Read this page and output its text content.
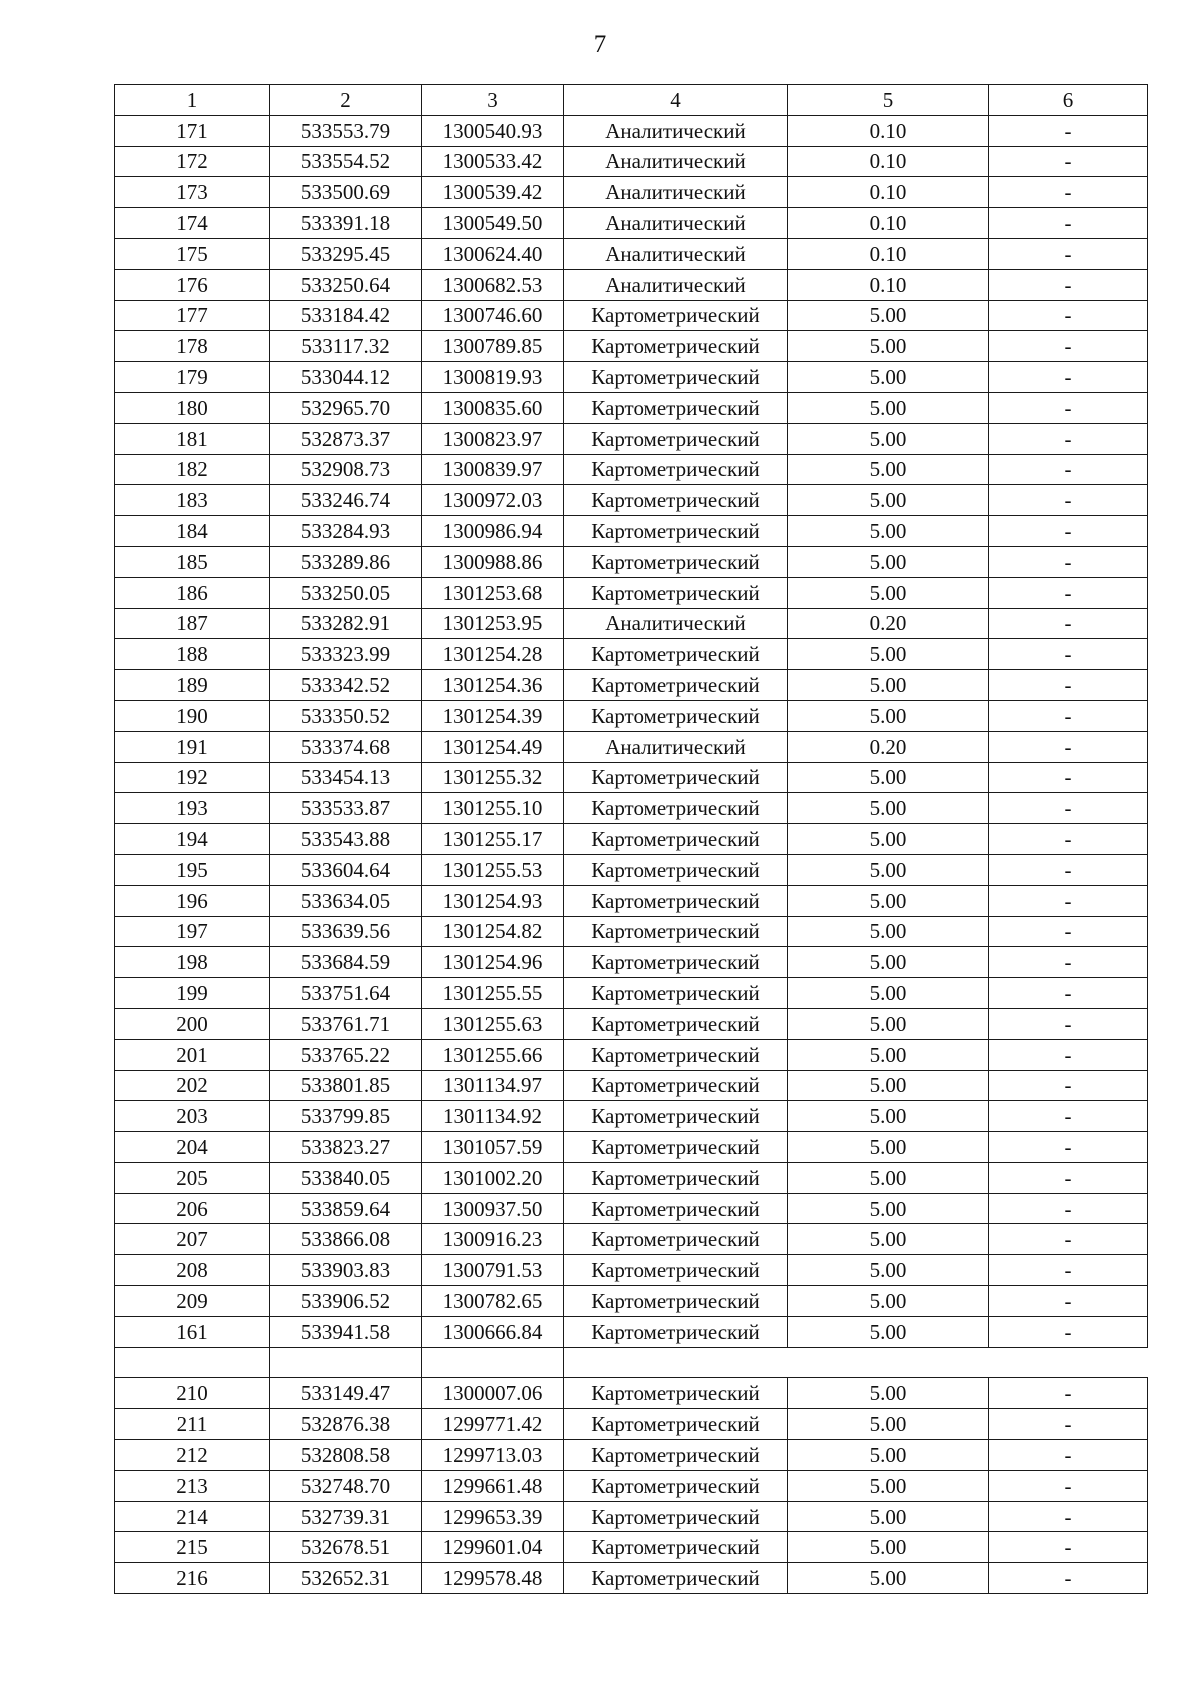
7
1	2	3	4	5	6
171	533553.79	1300540.93	Аналитический	0.10	-
172	533554.52	1300533.42	Аналитический	0.10	-
173	533500.69	1300539.42	Аналитический	0.10	-
174	533391.18	1300549.50	Аналитический	0.10	-
175	533295.45	1300624.40	Аналитический	0.10	-
176	533250.64	1300682.53	Аналитический	0.10	-
177	533184.42	1300746.60	Картометрический	5.00	-
178	533117.32	1300789.85	Картометрический	5.00	-
179	533044.12	1300819.93	Картометрический	5.00	-
180	532965.70	1300835.60	Картометрический	5.00	-
181	532873.37	1300823.97	Картометрический	5.00	-
182	532908.73	1300839.97	Картометрический	5.00	-
183	533246.74	1300972.03	Картометрический	5.00	-
184	533284.93	1300986.94	Картометрический	5.00	-
185	533289.86	1300988.86	Картометрический	5.00	-
186	533250.05	1301253.68	Картометрический	5.00	-
187	533282.91	1301253.95	Аналитический	0.20	-
188	533323.99	1301254.28	Картометрический	5.00	-
189	533342.52	1301254.36	Картометрический	5.00	-
190	533350.52	1301254.39	Картометрический	5.00	-
191	533374.68	1301254.49	Аналитический	0.20	-
192	533454.13	1301255.32	Картометрический	5.00	-
193	533533.87	1301255.10	Картометрический	5.00	-
194	533543.88	1301255.17	Картометрический	5.00	-
195	533604.64	1301255.53	Картометрический	5.00	-
196	533634.05	1301254.93	Картометрический	5.00	-
197	533639.56	1301254.82	Картометрический	5.00	-
198	533684.59	1301254.96	Картометрический	5.00	-
199	533751.64	1301255.55	Картометрический	5.00	-
200	533761.71	1301255.63	Картометрический	5.00	-
201	533765.22	1301255.66	Картометрический	5.00	-
202	533801.85	1301134.97	Картометрический	5.00	-
203	533799.85	1301134.92	Картометрический	5.00	-
204	533823.27	1301057.59	Картометрический	5.00	-
205	533840.05	1301002.20	Картометрический	5.00	-
206	533859.64	1300937.50	Картометрический	5.00	-
207	533866.08	1300916.23	Картометрический	5.00	-
208	533903.83	1300791.53	Картометрический	5.00	-
209	533906.52	1300782.65	Картометрический	5.00	-
161	533941.58	1300666.84	Картометрический	5.00	-

210	533149.47	1300007.06	Картометрический	5.00	-
211	532876.38	1299771.42	Картометрический	5.00	-
212	532808.58	1299713.03	Картометрический	5.00	-
213	532748.70	1299661.48	Картометрический	5.00	-
214	532739.31	1299653.39	Картометрический	5.00	-
215	532678.51	1299601.04	Картометрический	5.00	-
216	532652.31	1299578.48	Картометрический	5.00	-
